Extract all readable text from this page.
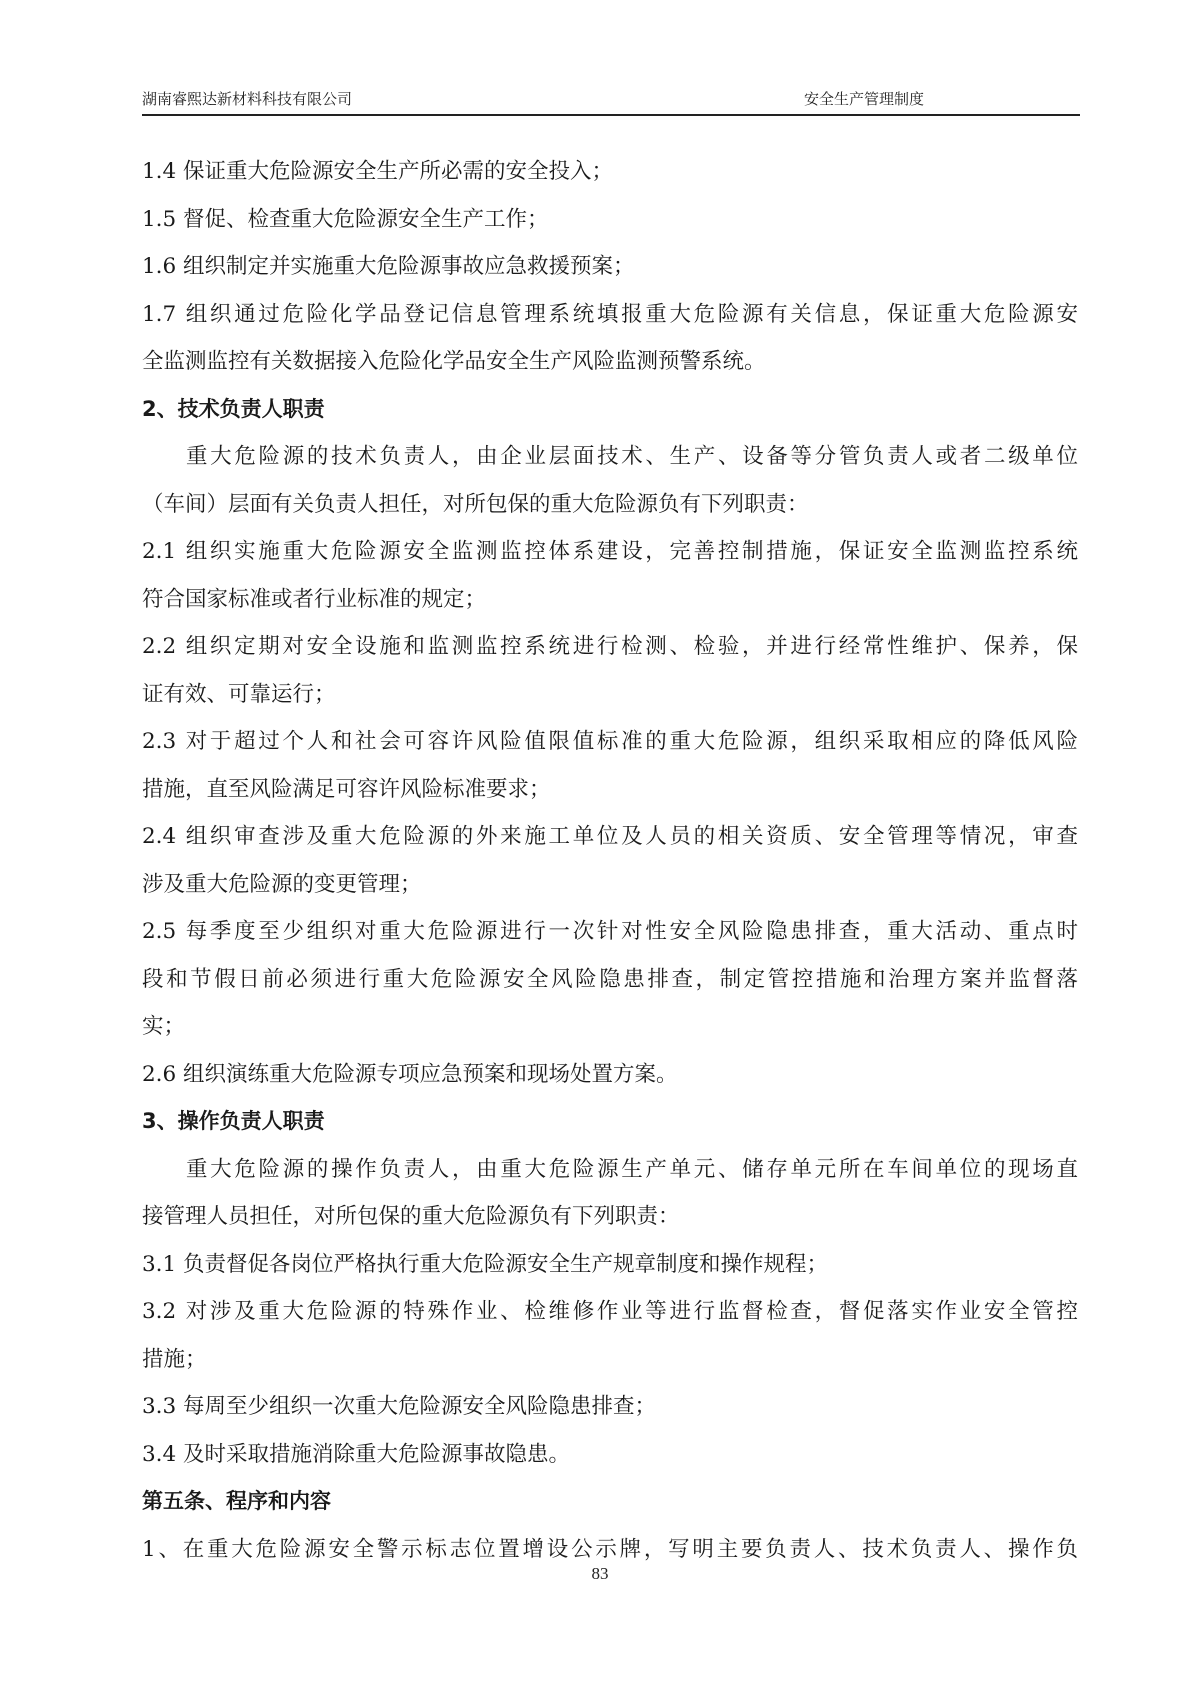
湖南睿熙达新材料科技有限公司	安全生产管理制度
1.4 保证重大危险源安全生产所必需的安全投入；
1.5 督促、检查重大危险源安全生产工作；
1.6 组织制定并实施重大危险源事故应急救援预案；
1.7 组织通过危险化学品登记信息管理系统填报重大危险源有关信息，保证重大危险源安
全监测监控有关数据接入危险化学品安全生产风险监测预警系统。
2、技术负责人职责
重大危险源的技术负责人，由企业层面技术、生产、设备等分管负责人或者二级单位
（车间）层面有关负责人担任，对所包保的重大危险源负有下列职责：
2.1 组织实施重大危险源安全监测监控体系建设，完善控制措施，保证安全监测监控系统
符合国家标准或者行业标准的规定；
2.2 组织定期对安全设施和监测监控系统进行检测、检验，并进行经常性维护、保养，保
证有效、可靠运行；
2.3 对于超过个人和社会可容许风险值限值标准的重大危险源，组织采取相应的降低风险
措施，直至风险满足可容许风险标准要求；
2.4 组织审查涉及重大危险源的外来施工单位及人员的相关资质、安全管理等情况，审查
涉及重大危险源的变更管理；
2.5 每季度至少组织对重大危险源进行一次针对性安全风险隐患排查，重大活动、重点时
段和节假日前必须进行重大危险源安全风险隐患排查，制定管控措施和治理方案并监督落
实；
2.6 组织演练重大危险源专项应急预案和现场处置方案。
3、操作负责人职责
重大危险源的操作负责人，由重大危险源生产单元、储存单元所在车间单位的现场直
接管理人员担任，对所包保的重大危险源负有下列职责：
3.1 负责督促各岗位严格执行重大危险源安全生产规章制度和操作规程；
3.2 对涉及重大危险源的特殊作业、检维修作业等进行监督检查，督促落实作业安全管控
措施；
3.3 每周至少组织一次重大危险源安全风险隐患排查；
3.4 及时采取措施消除重大危险源事故隐患。
第五条、程序和内容
1、在重大危险源安全警示标志位置增设公示牌，写明主要负责人、技术负责人、操作负
83
